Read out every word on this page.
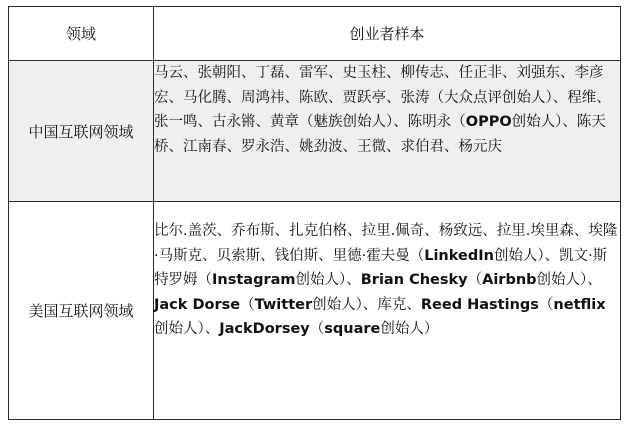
领域	创业者样本
中国互联网领域	马云、张朝阳、丁磊、雷军、史玉柱、柳传志、任正非、刘强东、李彦宏、马化腾、周鸿祎、陈欧、贾跃亭、张涛（大众点评创始人）、程维、张一鸣、古永锵、黄章（魅族创始人）、陈明永（OPPO创始人）、陈天桥、江南春、罗永浩、姚劲波、王微、求伯君、杨元庆
美国互联网领域	比尔.盖茨、乔布斯、扎克伯格、拉里.佩奇、杨致远、拉里.埃里森、埃隆·马斯克、贝索斯、钱伯斯、里德·霍夫曼（LinkedIn创始人）、凯文·斯特罗姆（Instagram创始人）、Brian Chesky（Airbnb创始人）、Jack Dorse（Twitter创始人）、库克、Reed Hastings（netflix创始人）、JackDorsey（square创始人）
